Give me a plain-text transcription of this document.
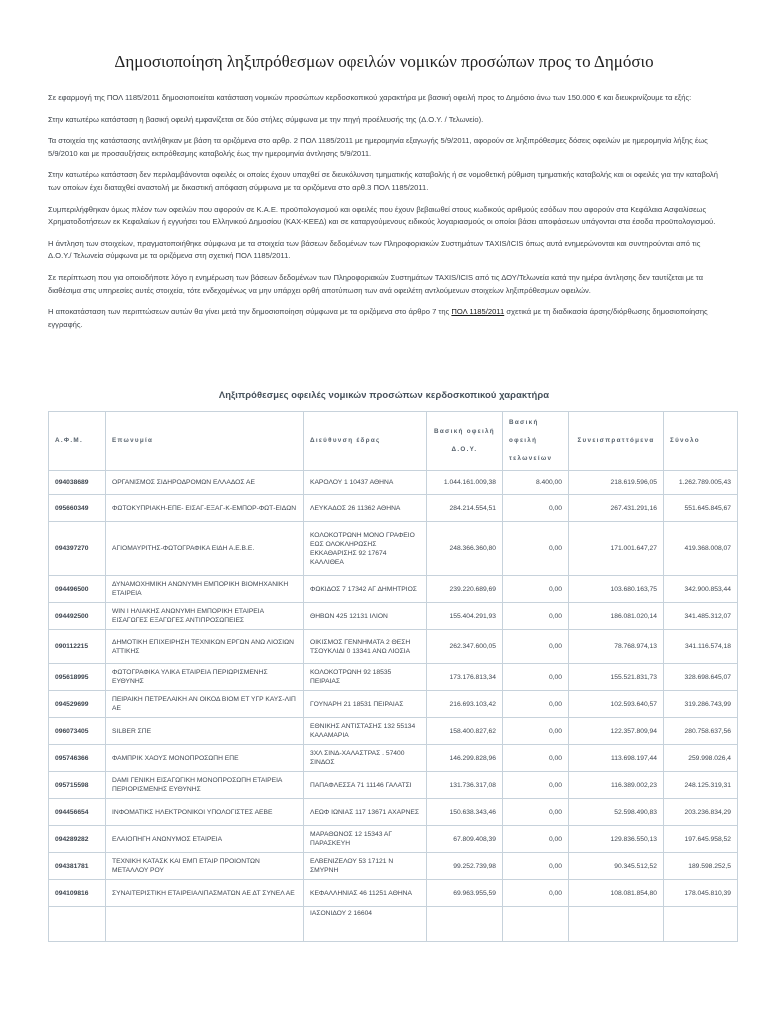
Δημοσιοποίηση ληξιπρόθεσμων οφειλών νομικών προσώπων προς το Δημόσιο

Σε εφαρμογή της ΠΟΛ 1185/2011 δημοσιοποιείται κατάσταση νομικών προσώπων κερδοσκοπικού χαρακτήρα με βασική οφειλή προς το Δημόσιο άνω των 150.000 € και διευκρινίζουμε τα εξής:

Στην κατωτέρω κατάσταση η βασική οφειλή εμφανίζεται σε δύο στήλες σύμφωνα με την πηγή προέλευσής της (Δ.Ο.Υ. / Τελωνείο).

Τα στοιχεία της κατάστασης αντλήθηκαν με βάση τα οριζόμενα στο αρθρ. 2 ΠΟΛ 1185/2011 με ημερομηνία εξαγωγής 5/9/2011, αφορούν σε ληξιπρόθεσμες δόσεις οφειλών με ημερομηνία λήξης έως 5/9/2010 και με προσαυξήσεις εκπρόθεσμης καταβολής έως την ημερομηνία άντλησης 5/9/2011.

Στην κατωτέρω κατάσταση δεν περιλαμβάνονται οφειλές οι οποίες έχουν υπαχθεί σε διευκόλυνση τμηματικής καταβολής ή σε νομοθετική ρύθμιση τμηματικής καταβολής και οι οφειλές για την καταβολή των οποίων έχει διαταχθεί αναστολή με δικαστική απόφαση σύμφωνα με τα οριζόμενα στο αρθ.3 ΠΟΛ 1185/2011.

Συμπεριλήφθηκαν όμως πλέον των οφειλών που αφορούν σε Κ.Α.Ε. προϋπολογισμού και οφειλές που έχουν βεβαιωθεί στους κωδικούς αριθμούς εσόδων που αφορούν στα Κεφάλαια Ασφαλίσεως Χρηματοδοτήσεων εκ Κεφαλαίων ή εγγυήσει του Ελληνικού Δημοσίου (ΚΑΧ-ΚΕΕΔ) και σε καταργούμενους ειδικούς λογαριασμούς οι οποίοι βάσει αποφάσεων υπάγονται στα έσοδα προϋπολογισμού.

Η άντληση των στοιχείων, πραγματοποιήθηκε σύμφωνα με τα στοιχεία των βάσεων δεδομένων των Πληροφοριακών Συστημάτων TAXIS/ICIS όπως αυτά ενημερώνονται και συντηρούνται από τις Δ.Ο.Υ./ Τελωνεία σύμφωνα με τα οριζόμενα στη σχετική ΠΟΛ 1185/2011.

Σε περίπτωση που για οποιοδήποτε λόγο η ενημέρωση των βάσεων δεδομένων των Πληροφοριακών Συστημάτων TAXIS/ICIS από τις ΔΟΥ/Τελωνεία κατά την ημέρα άντλησης δεν ταυτίζεται με τα διαθέσιμα στις υπηρεσίες αυτές στοιχεία, τότε ενδεχομένως να μην υπάρχει ορθή αποτύπωση των ανά οφειλέτη αντλούμενων στοιχείων ληξιπρόθεσμων οφειλών.

Η αποκατάσταση των περιπτώσεων αυτών θα γίνει μετά την δημοσιοποίηση σύμφωνα με τα οριζόμενα στο άρθρο 7 της ΠΟΛ 1185/2011 σχετικά με τη διαδικασία άρσης/διόρθωσης δημοσιοποίησης εγγραφής.

Ληξιπρόθεσμες οφειλές νομικών προσώπων κερδοσκοπικού χαρακτήρα
Α.Φ.Μ.	Επωνυμία	Διεύθυνση έδρας	Βασική οφειλή Δ.Ο.Υ.	Βασική οφειλή τελωνείων	Συνεισπραττόμενα	Σύνολο
094038689	ΟΡΓΑΝΙΣΜΟΣ ΣΙΔΗΡΟΔΡΟΜΩΝ ΕΛΛΑΔΟΣ ΑΕ	ΚΑΡΟΛΟΥ 1 10437 ΑΘΗΝΑ	1.044.161.009,38	8.400,00	218.619.596,05	1.262.789.005,43
095660349	ΦΩΤΟΚΥΠΡΙΑΚΗ-ΕΠΕ- ΕΙΣΑΓ-ΕΞΑΓ-Κ-ΕΜΠΟΡ-ΦΩΤ-ΕΙΔΩΝ	ΛΕΥΚΑΔΟΣ 26 11362 ΑΘΗΝΑ	284.214.554,51	0,00	267.431.291,16	551.645.845,67
094397270	ΑΓΙΟΜΑΥΡΙΤΗΣ-ΦΩΤΟΓΡΑΦΙΚΑ ΕΙΔΗ Α.Ε.Β.Ε.	ΚΟΛΟΚΟΤΡΩΝΗ ΜΟΝΟ ΓΡΑΦΕΙΟ ΕΩΣ ΟΛΟΚΛΗΡΩΣΗΣ ΕΚΚΑΘΑΡΙΣΗΣ 92 17674 ΚΑΛΛΙΘΕΑ	248.366.360,80	0,00	171.001.647,27	419.368.008,07
094496500	ΔΥΝΑΜΟΧΗΜΙΚΗ ΑΝΩΝΥΜΗ ΕΜΠΟΡΙΚΗ ΒΙΟΜΗΧΑΝΙΚΗ ΕΤΑΙΡΕΙΑ	ΦΩΚΙΔΟΣ 7 17342 ΑΓ ΔΗΜΗΤΡΙΟΣ	239.220.689,69	0,00	103.680.163,75	342.900.853,44
094492500	WIN I ΗΛΙΑΚΗΣ ΑΝΩΝΥΜΗ ΕΜΠΟΡΙΚΗ ΕΤΑΙΡΕΙΑ ΕΙΣΑΓΩΓΕΣ ΕΞΑΓΩΓΕΣ ΑΝΤΙΠΡΟΣΩΠΕΙΕΣ	ΘΗΒΩΝ 425 12131 ΙΛΙΟΝ	155.404.291,93	0,00	186.081.020,14	341.485.312,07
090112215	ΔΗΜΟΤΙΚΗ ΕΠΙΧΕΙΡΗΣΗ ΤΕΧΝΙΚΩΝ ΕΡΓΩΝ ΑΝΩ ΛΙΟΣΙΩΝ ΑΤΤΙΚΗΣ	ΟΙΚΙΣΜΟΣ ΓΕΝΝΗΜΑΤΑ 2 ΘΕΣΗ ΤΣΟΥΚΛΙΔΙ 0 13341 ΑΝΩ ΛΙΟΣΙΑ	262.347.600,05	0,00	78.768.974,13	341.116.574,18
095618995	ΦΩΤΟΓΡΑΦΙΚΑ ΥΛΙΚΑ ΕΤΑΙΡΕΙΑ ΠΕΡΙΩΡΙΣΜΕΝΗΣ ΕΥΘΥΝΗΣ	ΚΟΛΟΚΟΤΡΩΝΗ 92 18535 ΠΕΙΡΑΙΑΣ	173.176.813,34	0,00	155.521.831,73	328.698.645,07
094529699	ΠΕΙΡΑΙΚΗ ΠΕΤΡΕΛΑΙΚΗ ΑΝ ΟΙΚΟΔ ΒΙΟΜ ΕΤ ΥΓΡ ΚΑΥΣ-ΛΙΠ ΑΕ	ΓΟΥΝΑΡΗ 21 18531 ΠΕΙΡΑΙΑΣ	216.693.103,42	0,00	102.593.640,57	319.286.743,99
096073405	SILBER ΣΠΕ	ΕΘΝΙΚΗΣ ΑΝΤΙΣΤΑΣΗΣ 132 55134 ΚΑΛΑΜΑΡΙΑ	158.400.827,62	0,00	122.357.809,94	280.758.637,56
095746366	ΦΑΜΠΡΙΚ ΧΑΟΥΣ ΜΟΝΟΠΡΟΣΩΠΗ ΕΠΕ	3ΧΛ ΣΙΝΔ-ΧΑΛΑΣΤΡΑΣ . 57400 ΣΙΝΔΟΣ	146.299.828,96	0,00	113.698.197,44	259.998.026,4
095715598	DAMI ΓΕΝΙΚΗ ΕΙΣΑΓΩΓΙΚΗ ΜΟΝΟΠΡΟΣΩΠΗ ΕΤΑΙΡΕΙΑ ΠΕΡΙΟΡΙΣΜΕΝΗΣ ΕΥΘΥΝΗΣ	ΠΑΠΑΦΛΕΣΣΑ 71 11146 ΓΑΛΑΤΣΙ	131.736.317,08	0,00	116.389.002,23	248.125.319,31
094456654	ΙΝΦΟΜΑΤΙΚΣ ΗΛΕΚΤΡΟΝΙΚΟΙ ΥΠΟΛΟΓΙΣΤΕΣ ΑΕΒΕ	ΛΕΩΦ ΙΩΝΙΑΣ 117 13671 ΑΧΑΡΝΕΣ	150.638.343,46	0,00	52.598.490,83	203.236.834,29
094289282	ΕΛΑΙΟΠΗΓΗ ΑΝΩΝΥΜΟΣ ΕΤΑΙΡΕΙΑ	ΜΑΡΑΘΩΝΟΣ 12 15343 ΑΓ ΠΑΡΑΣΚΕΥΗ	67.809.408,39	0,00	129.836.550,13	197.645.958,52
094381781	ΤΕΧΝΙΚΗ ΚΑΤΑΣΚ ΚΑΙ ΕΜΠ ΕΤΑΙΡ ΠΡΟΙΟΝΤΩΝ ΜΕΤΑΛΛΟΥ ΡΟΥ	ΕΛΒΕΝΙΖΕΛΟΥ 53 17121 Ν ΣΜΥΡΝΗ	99.252.739,98	0,00	90.345.512,52	189.598.252,5
094109816	ΣΥΝΑΙΤΕΡΙΣΤΙΚΗ ΕΤΑΙΡΕΙΑΛΙΠΑΣΜΑΤΩΝ ΑΕ ΔΤ ΣΥΝΕΛ ΑΕ	ΚΕΦΑΛΛΗΝΙΑΣ 46 11251 ΑΘΗΝΑ	69.963.955,59	0,00	108.081.854,80	178.045.810,39
		ΙΑΣΟΝΙΔΟΥ 2 16604				
